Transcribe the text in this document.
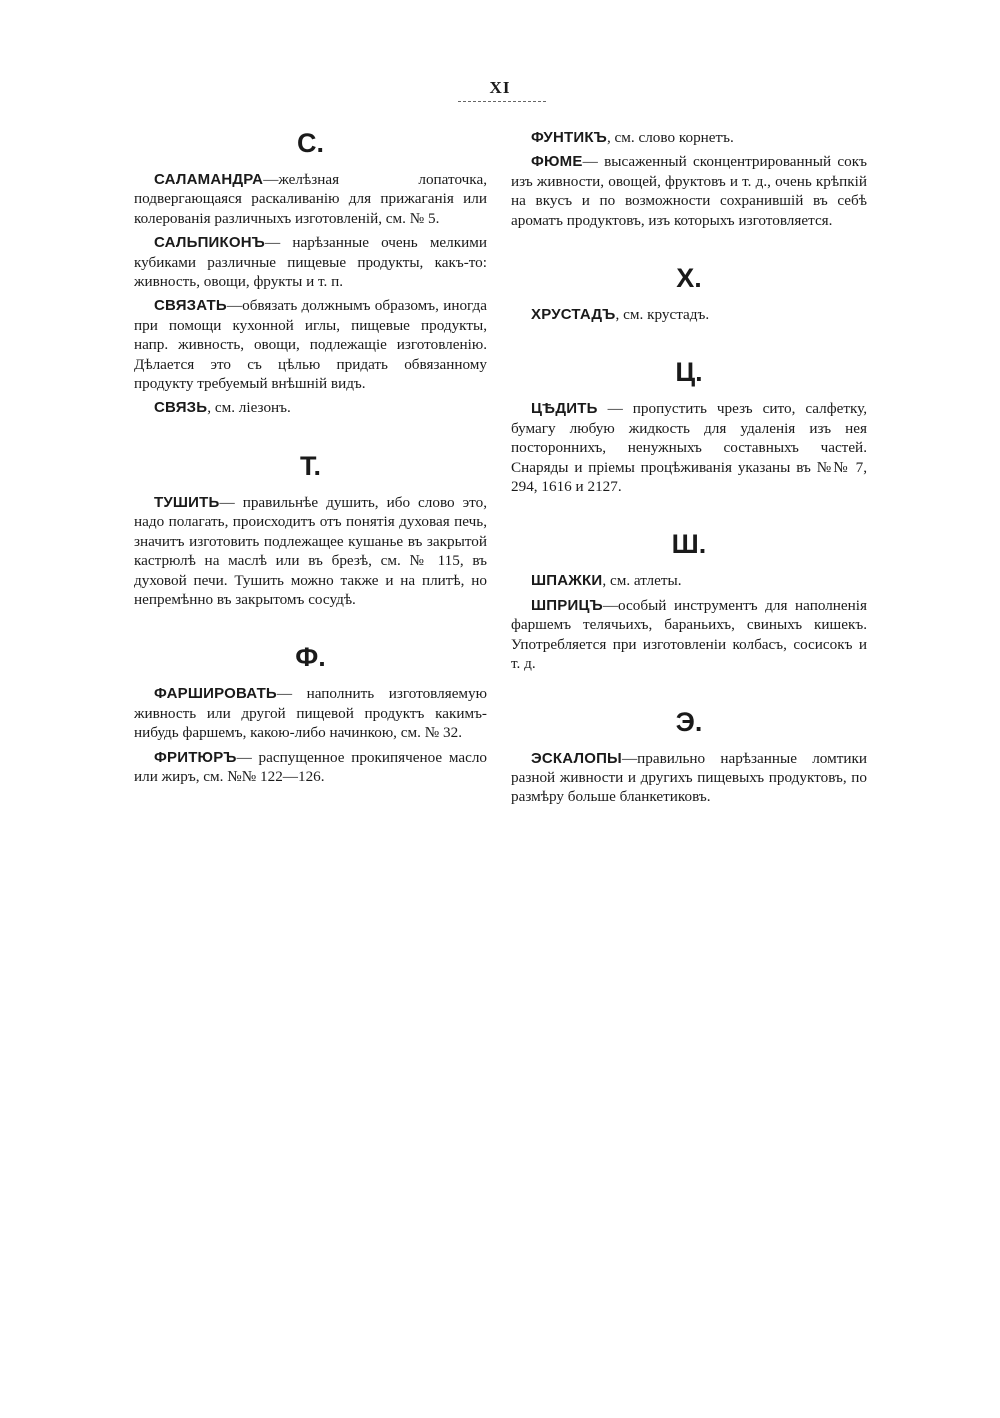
XI
С.

САЛАМАНДРА—желѣзная лопаточка, подвергающаяся раскаливанію для прижаганія или колерованія различныхъ изготовленій, см. № 5.

САЛЬПИКОНЪ— нарѣзанные очень мелкими кубиками различные пищевые продукты, какъ-то: живность, овощи, фрукты и т. п.

СВЯЗАТЬ—обвязать должнымъ образомъ, иногда при помощи кухонной иглы, пищевые продукты, напр. живность, овощи, подлежащіе изготовленію. Дѣлается это съ цѣлью придать обвязанному продукту требуемый внѣшній видъ.

СВЯЗЬ, см. лiезонъ.

Т.

ТУШИТЬ— правильнѣе душить, ибо слово это, надо полагать, происходитъ отъ понятія духовая печь, значитъ изготовить подлежащее кушанье въ закрытой кастрюлѣ на маслѣ или въ брезѣ, см. № 115, въ духовой печи. Тушить можно также и на плитѣ, но непремѣнно въ закрытомъ сосудѣ.

Ф.

ФАРШИРОВАТЬ— наполнить изготовляемую живность или другой пищевой продуктъ какимъ-нибудь фаршемъ, какою-либо начинкою, см. № 32.

ФРИТЮРЪ— распущенное прокипяченое масло или жиръ, см. №№ 122—126.

ФУНТИКЪ, см. слово корнетъ.

ФЮМЕ— высаженный сконцентрированный сокъ изъ живности, овощей, фруктовъ и т. д., очень крѣпкій на вкусъ и по возможности сохранившій въ себѣ ароматъ продуктовъ, изъ которыхъ изготовляется.

Х.

ХРУСТАДЪ, см. крустадъ.

Ц.

ЦѢДИТЬ — пропустить чрезъ сито, салфетку, бумагу любую жидкость для удаленія изъ нея постороннихъ, ненужныхъ составныхъ частей. Снаряды и пріемы процѣживанія указаны въ №№ 7, 294, 1616 и 2127.

Ш.

ШПАЖКИ, см. атлеты.

ШПРИЦЪ—особый инструментъ для наполненія фаршемъ телячьихъ, бараньихъ, свиныхъ кишекъ. Употребляется при изготовленіи колбасъ, сосисокъ и т. д.

Э.

ЭСКАЛОПЫ—правильно нарѣзанные ломтики разной живности и другихъ пищевыхъ продуктовъ, по размѣру больше бланкетиковъ.
